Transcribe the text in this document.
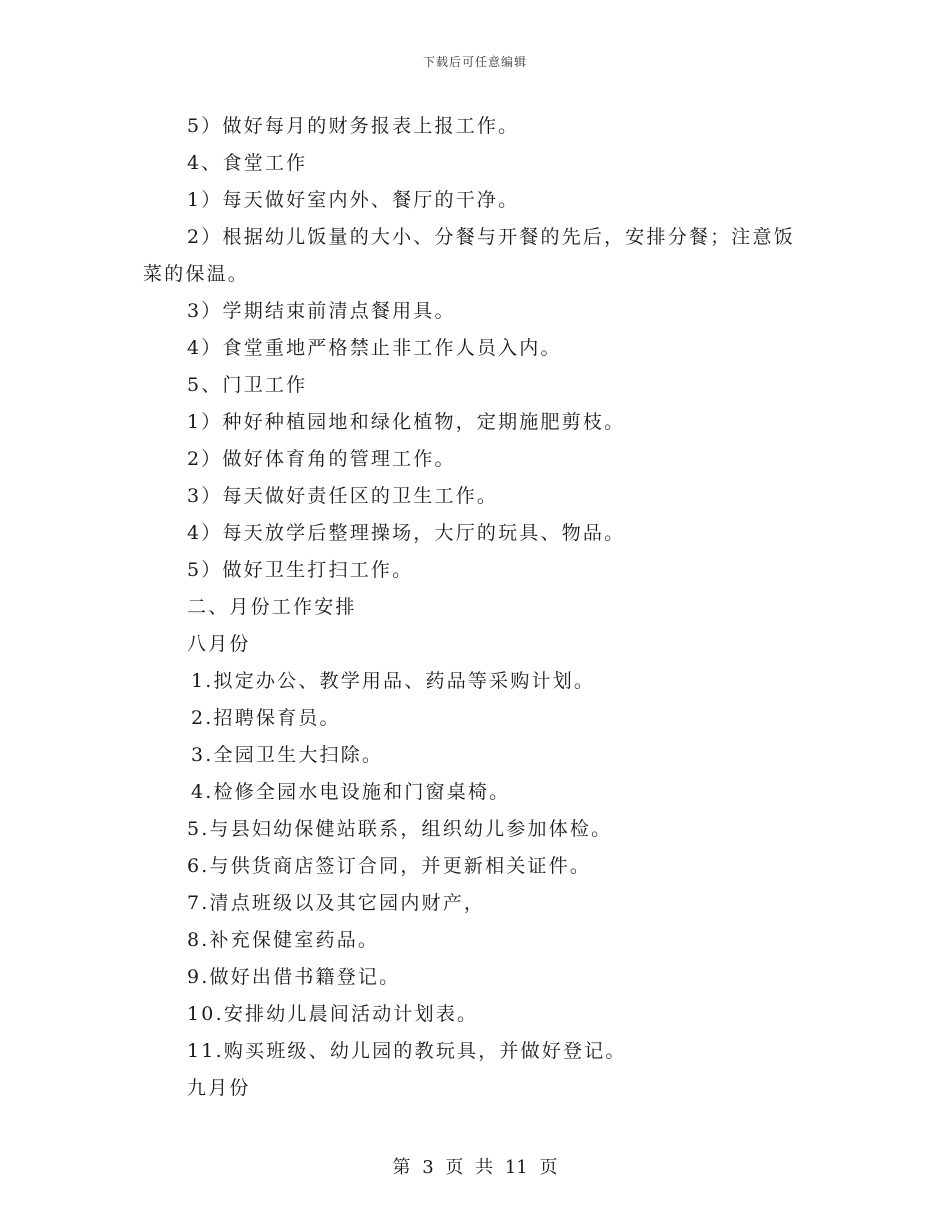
下载后可任意编辑
5）做好每月的财务报表上报工作。
4、食堂工作
1）每天做好室内外、餐厅的干净。
2）根据幼儿饭量的大小、分餐与开餐的先后，安排分餐；注意饭
菜的保温。
3）学期结束前清点餐用具。
4）食堂重地严格禁止非工作人员入内。
5、门卫工作
1）种好种植园地和绿化植物，定期施肥剪枝。
2）做好体育角的管理工作。
3）每天做好责任区的卫生工作。
4）每天放学后整理操场，大厅的玩具、物品。
5）做好卫生打扫工作。
二、月份工作安排
八月份
1.拟定办公、教学用品、药品等采购计划。
2.招聘保育员。
3.全园卫生大扫除。
4.检修全园水电设施和门窗桌椅。
5.与县妇幼保健站联系，组织幼儿参加体检。
6.与供货商店签订合同，并更新相关证件。
7.清点班级以及其它园内财产，
8.补充保健室药品。
9.做好出借书籍登记。
10.安排幼儿晨间活动计划表。
11.购买班级、幼儿园的教玩具，并做好登记。
九月份
第 3 页 共 11 页
